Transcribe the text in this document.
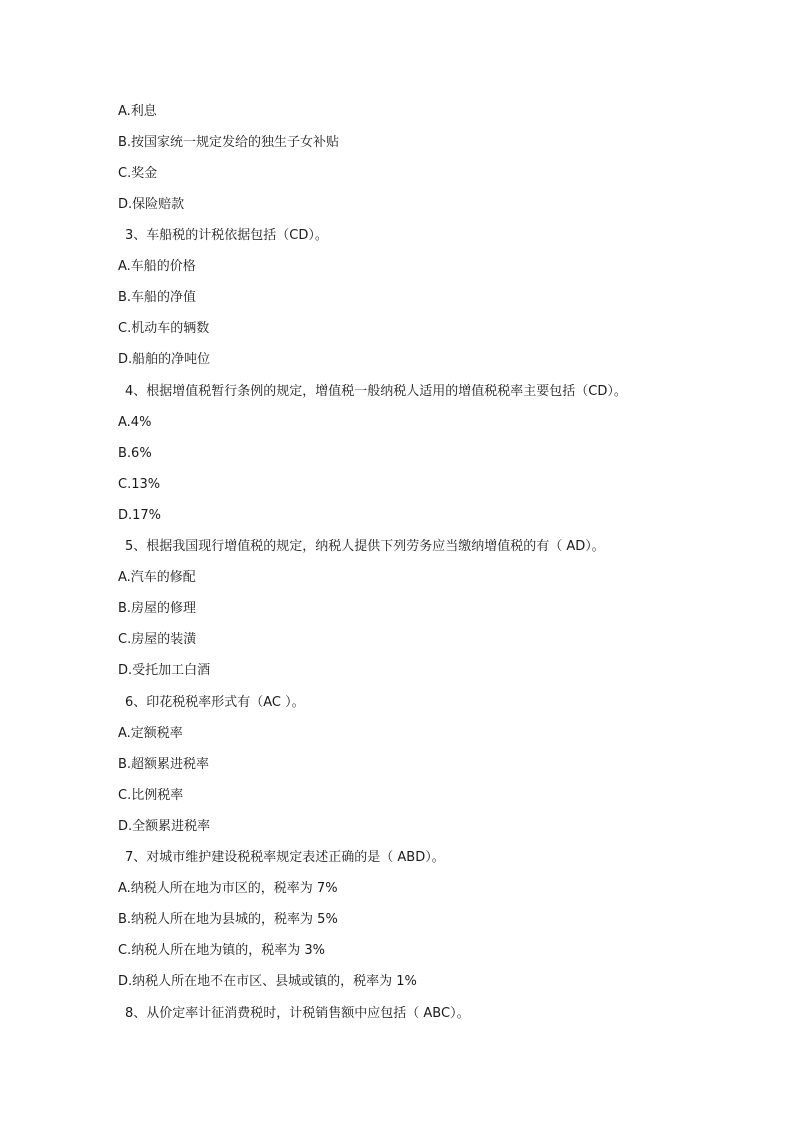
A.利息
B.按国家统一规定发给的独生子女补贴
C.奖金
D.保险赔款
3、车船税的计税依据包括（CD）。
A.车船的价格
B.车船的净值
C.机动车的辆数
D.船舶的净吨位
4、根据增值税暂行条例的规定，增值税一般纳税人适用的增值税税率主要包括（CD）。
A.4%
B.6%
C.13%
D.17%
5、根据我国现行增值税的规定，纳税人提供下列劳务应当缴纳增值税的有（ AD）。
A.汽车的修配
B.房屋的修理
C.房屋的装潢
D.受托加工白酒
6、印花税税率形式有（AC ）。
A.定额税率
B.超额累进税率
C.比例税率
D.全额累进税率
7、对城市维护建设税税率规定表述正确的是（ ABD）。
A.纳税人所在地为市区的，税率为 7%
B.纳税人所在地为县城的，税率为 5%
C.纳税人所在地为镇的，税率为 3%
D.纳税人所在地不在市区、县城或镇的，税率为 1%
8、从价定率计征消费税时，计税销售额中应包括（ ABC）。
